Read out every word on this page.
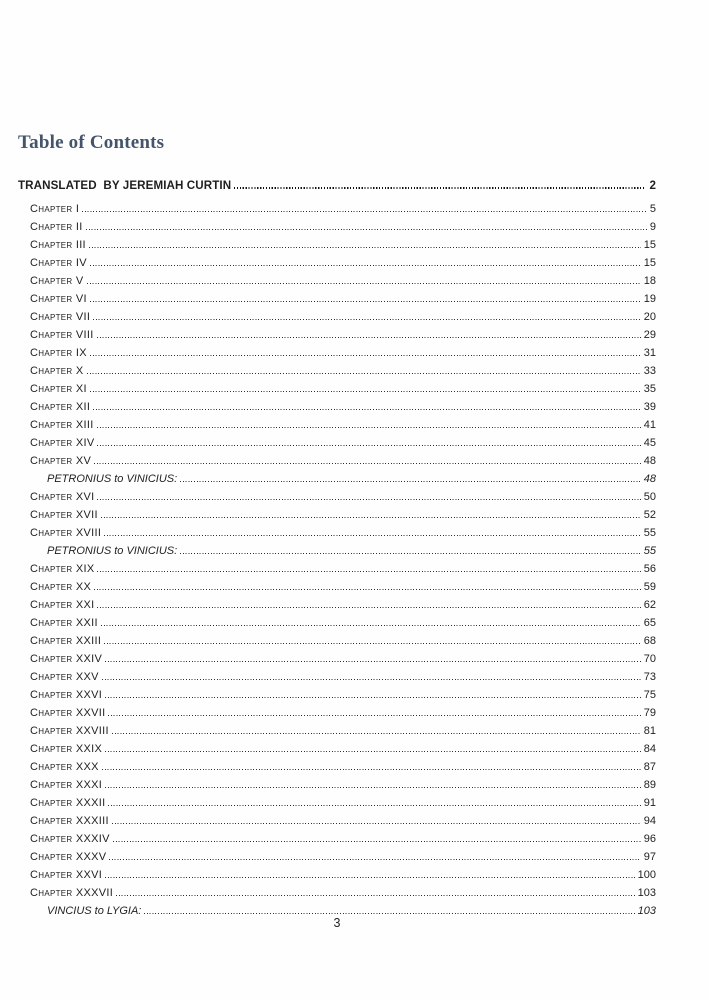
Table of Contents
TRANSLATED  BY JEREMIAH CURTIN	2
Chapter I	5
Chapter II	9
Chapter III	15
Chapter IV	15
Chapter V	18
Chapter VI	19
Chapter VII	20
Chapter VIII	29
Chapter IX	31
Chapter X	33
Chapter XI	35
Chapter XII	39
Chapter XIII	41
Chapter XIV	45
Chapter XV	48
PETRONIUS to VINICIUS:	48
Chapter XVI	50
Chapter XVII	52
Chapter XVIII	55
PETRONIUS to VINICIUS:	55
Chapter XIX	56
Chapter XX	59
Chapter XXI	62
Chapter XXII	65
Chapter XXIII	68
Chapter XXIV	70
Chapter XXV	73
Chapter XXVI	75
Chapter XXVII	79
Chapter XXVIII	81
Chapter XXIX	84
Chapter XXX	87
Chapter XXXI	89
Chapter XXXII	91
Chapter XXXIII	94
Chapter XXXIV	96
Chapter XXXV	97
Chapter XXVI	100
Chapter XXXVII	103
VINCIUS to LYGIA:	103
3
